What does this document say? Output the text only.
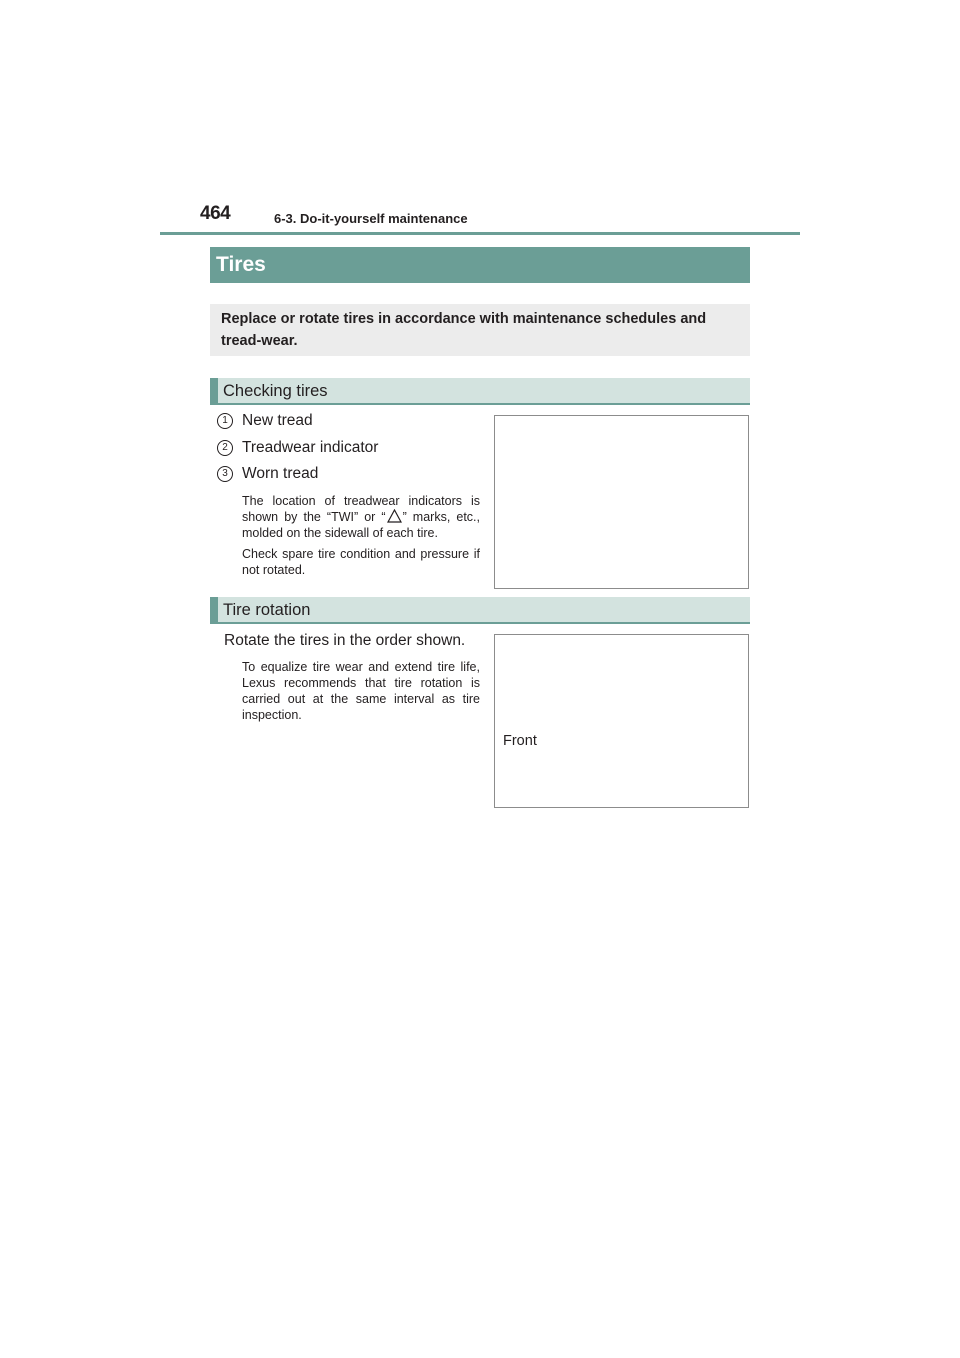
464	6-3. Do-it-yourself maintenance
Tires
Replace or rotate tires in accordance with maintenance schedules and tread-wear.
Checking tires
1 New tread
2 Treadwear indicator
3 Worn tread
The location of treadwear indicators is shown by the “TWI” or “ ” marks, etc., molded on the sidewall of each tire.
Check spare tire condition and pressure if not rotated.
Tire rotation
Rotate the tires in the order shown.
To equalize tire wear and extend tire life, Lexus recommends that tire rotation is carried out at the same interval as tire inspection.
Front
